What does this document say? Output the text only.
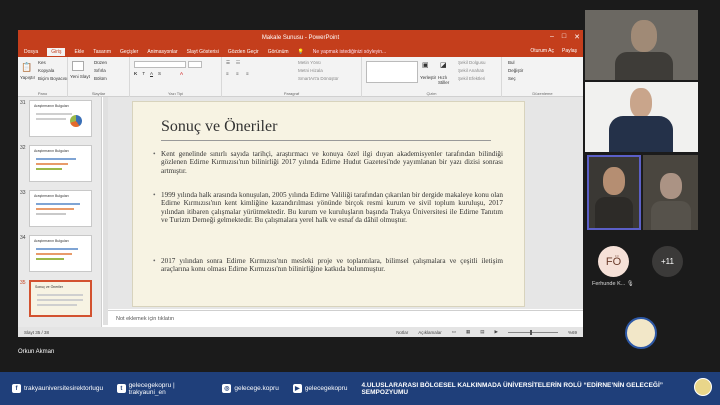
Makale Sunusu - PowerPoint	– □ ✕
Dosya	Giriş	Ekle Tasarım Geçişler Animasyonlar Slayt Gösterisi Gözden Geçir Görünüm 💡 Ne yapmak istediğinizi söyleyin...	Oturum Aç Paylaş
📋
Yapıştır
Kes
Kopyala
Biçim Boyacısı
Pano
Yeni Slayt
Düzen
Sıfırla
Bölüm
Slaytlar
K T A S	A
Yazı Tipi
☰ ☷
≡ ≡ ≡
Metin Yönü
Metni Hizala
SmartArt'a Dönüştür
Paragraf
▣
Yerleştir
◪
Hızlı Stiller
Şekil Dolgusu
Şekil Anahatı
Şekil Efektleri
Çizim
Bul
Değiştir
Seç
Düzenleme
31 Araştırmanın Bulguları
32 Araştırmanın Bulguları
33 Araştırmanın Bulguları
34 Araştırmanın Bulguları
35
Sonuç ve Öneriler
Sonuç ve Öneriler
• Kent genelinde sınırlı sayıda tarihçi, araştırmacı ve konuya özel ilgi duyan akademisyenler tarafından bilindiği gözlenen Edirne Kırmızısı'nın bilinirliği 2017 yılında Edirne Hudut Gazetesi'nde yayımlanan bir yazı dizisi sonrası artmıştır.
• 1999 yılında halk arasında konuşulan, 2005 yılında Edirne Valiliği tarafından çıkarılan bir dergide makaleye konu olan Edirne Kırmızısı'nın kent kimliğine kazandırılması yönünde birçok resmi kurum ve sivil toplum kuruluşu, 2017 yılından itibaren çalışmalar yürütmektedir. Bu kurum ve kuruluşların başında Trakya Üniversitesi ile Edirne Tanıtım ve Turizm Derneği gelmektedir. Bu çalışmalara yerel halk ve esnaf da dâhil olmuştur.
• 2017 yılından sonra Edirne Kırmızısı'nın mesleki proje ve toplantılara, bilimsel çalışmalara ve çeşitli iletişim araçlarına konu olması Edirne Kırmızısı'nın bilinirliğine katkıda bulunmuştur.
Not eklemek için tıklatın
Slayt 35 / 38	Notlar Açıklamalar ▭ ▦ ▤ ▶	%69
Orkun Akman
FÖ	+11
Ferhunde K... 🎙
f	trakyauniversitesirektorlugu	t gelecegekopru | trakyauni_en	◎ gelecege.kopru	▶ gelecegekopru 4.ULUSLARARASI BÖLGESEL KALKINMADA ÜNİVERSİTELERİN ROLÜ “EDİRNE’NİN GELECEĞİ” SEMPOZYUMU
